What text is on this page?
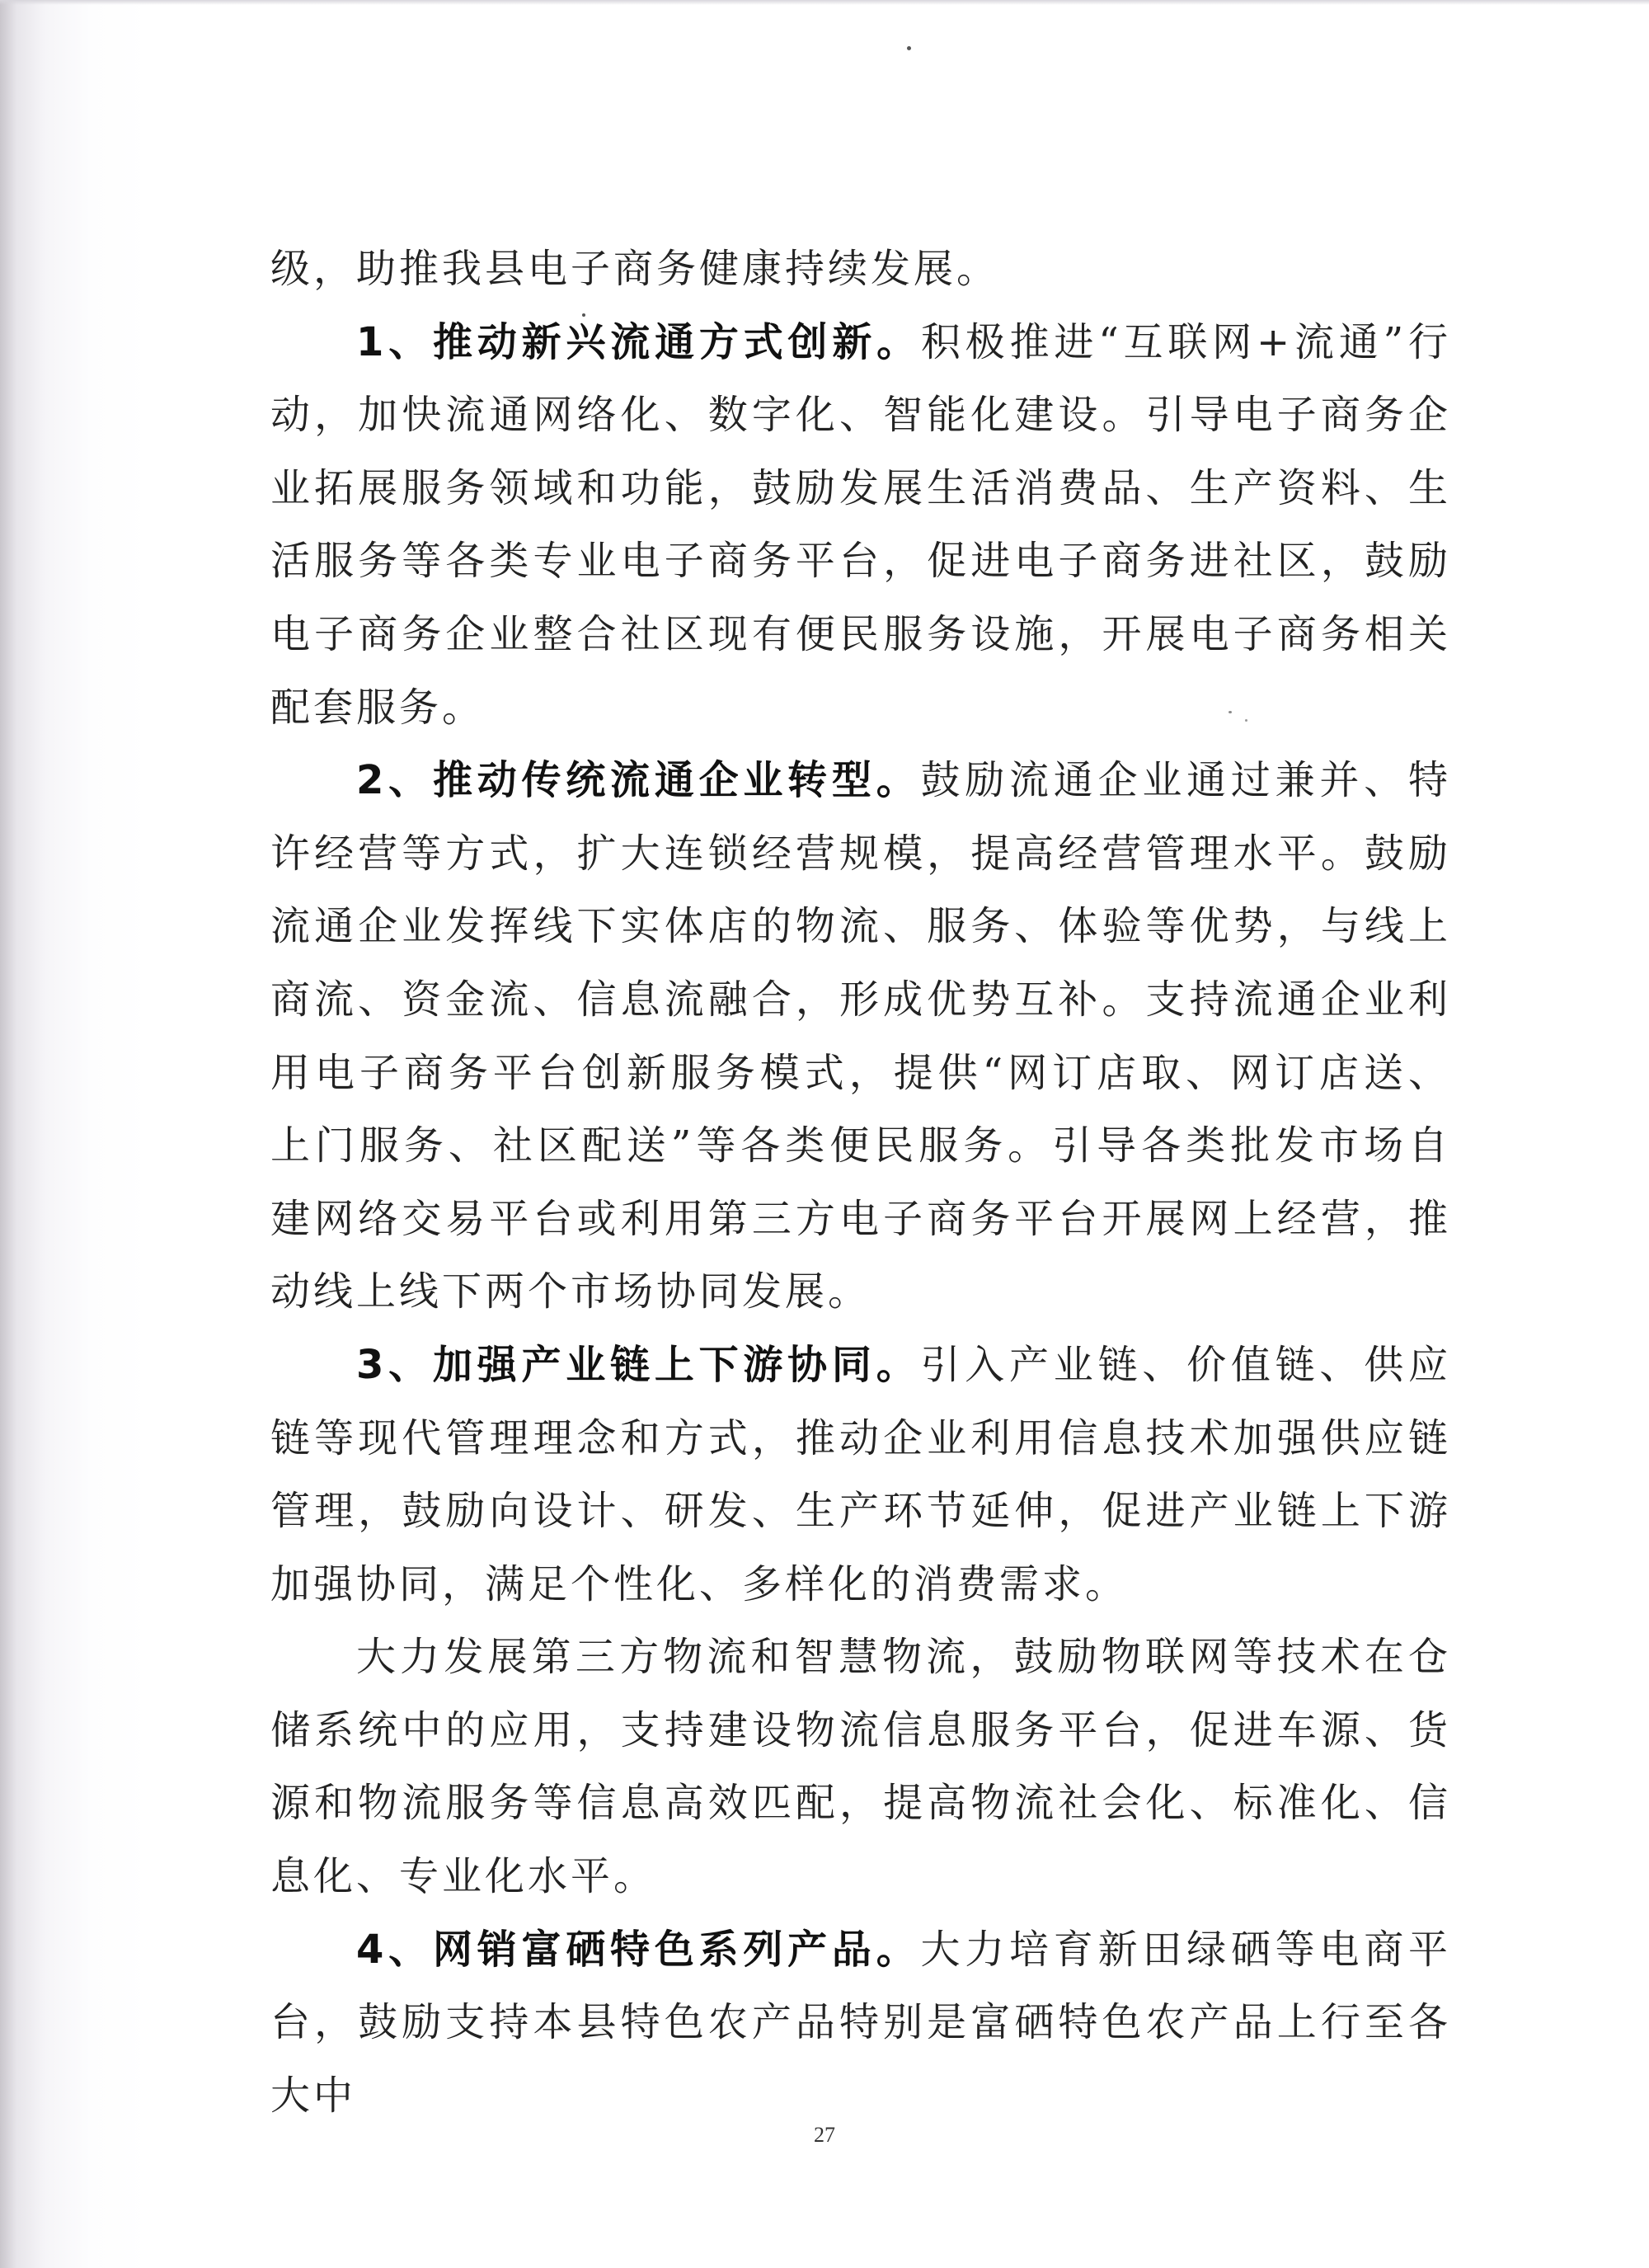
级，助推我县电子商务健康持续发展。

1、推动新兴流通方式创新。积极推进“互联网+流通”行动，加快流通网络化、数字化、智能化建设。引导电子商务企业拓展服务领域和功能，鼓励发展生活消费品、生产资料、生活服务等各类专业电子商务平台，促进电子商务进社区，鼓励电子商务企业整合社区现有便民服务设施，开展电子商务相关配套服务。

2、推动传统流通企业转型。鼓励流通企业通过兼并、特许经营等方式，扩大连锁经营规模，提高经营管理水平。鼓励流通企业发挥线下实体店的物流、服务、体验等优势，与线上商流、资金流、信息流融合，形成优势互补。支持流通企业利用电子商务平台创新服务模式，提供“网订店取、网订店送、上门服务、社区配送”等各类便民服务。引导各类批发市场自建网络交易平台或利用第三方电子商务平台开展网上经营，推动线上线下两个市场协同发展。

3、加强产业链上下游协同。引入产业链、价值链、供应链等现代管理理念和方式，推动企业利用信息技术加强供应链管理，鼓励向设计、研发、生产环节延伸，促进产业链上下游加强协同，满足个性化、多样化的消费需求。

大力发展第三方物流和智慧物流，鼓励物联网等技术在仓储系统中的应用，支持建设物流信息服务平台，促进车源、货源和物流服务等信息高效匹配，提高物流社会化、标准化、信息化、专业化水平。

4、网销富硒特色系列产品。大力培育新田绿硒等电商平台，鼓励支持本县特色农产品特别是富硒特色农产品上行至各大中

27
